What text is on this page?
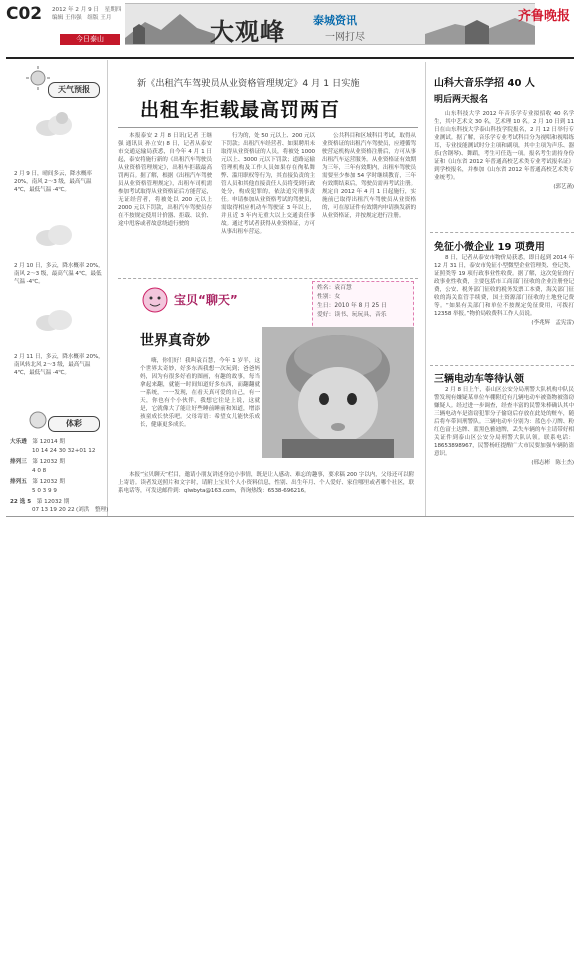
C02 2012 年 2 月 9 日　星期四
编辑 王伟强　组版 王月
今日泰山	大观峰	泰城资讯
一网打尽
齐鲁晚报
天气预报
2 月 9 日，晴间多云，降水概率 20%，南风 2～3 级，最高气温 4℃，最低气温 -4℃。
2 月 10 日，多云，降水概率 20%，南风 2～3 级，最高气温 4℃，最低气温 -4℃。
2 月 11 日，多云，降水概率 20%，南风转北风 2～3 级，最高气温 4℃，最低气温 -4℃。
体彩
大乐透　 第 12014 期
10 14 24 30 32+01 12
排列三　 第 12032 期
4 0 8
排列五　 第 12032 期
5 0 3 9 9
22 选 5　 第 12032 期
07 13 19 20 22 (刘洪　整理)
新《出租汽车驾驶员从业资格管理规定》4 月 1 日实施
出租车拒载最高罚两百

本报泰安 2 月 8 日讯(记者 王继强 通讯员 孙立安) 8 日，记者从泰安市交通运输局获悉，自今年 4 月 1 日起，泰安将施行新的《出租汽车驾驶员从业资格管理规定》，出租车拒载最高罚两百。据了解，根据《出租汽车驾驶员从业资格管理规定》，出租车司机需参加考试取得从业资格证后方能营运，无证经营者，将被处以 200 元以上 2000 元以下罚款，出租汽车驾驶员存在不按规定使用计价器、拒载、议价、途中甩客或者故意绕道行驶的

行为的，处 50 元以上、200 元以下罚款；出租汽车经营者、如果聘用未取得从业资格证的人员，将被处 1000 元以上、3000 元以下罚款；道路运输管理机构及工作人员如果存在徇私舞弊、滥用职权等行为，其直接负责的主管人员和其他直接责任人员将受到行政处分，构成犯罪的，依法追究刑事责任。申请参加从业资格考试的驾驶员，需取得相应机动车驾驶证 3 年以上，并且近 3 年内无重大以上交通责任事故。通过考试者获得从业资格证，方可从事出租车营运。

公共科目和区域科目考试，取得从业资格证的出租汽车驾驶员，应遵循驾驶营运机构从业资格注册后，方可从事出租汽车运营服务。从业资格证有效期为三年，三年有效期内，出租车驾驶员需要至少参加 54 学时继续教育，三年有效期结束后，驾驶员需再考试注册。规定自 2012 年 4 月 1 日起施行，实施前已取得出租汽车驾驶员从业资格的，可在原证件有效期内申请换发新的从业资格证，并按规定进行注册。

宝贝“聊天”
姓名：袁百慧
性别：女
生日：2010 年 8 月 25 日
爱好：读书、玩玩具、音乐
世界真奇妙

嗨，你们好！我叫袁百慧，今年 1 岁半，这个世界太奇妙，好多东西我想一次玩到；爸爸妈妈，因为有很多好看的图画，有趣的故事，每当拿起来翻，就能一时间知道好多东西，而翻翻就一系统，一一发现，在看天真可爱的自己，有一天，你也有个小伙伴，我想它往是上说，这就是，它就像大了能让好些睡前睡前和知道，增添孩童成长快乐吧。父母寄语：希望女儿能快乐成长，健康更多成长。

本报“宝贝聊天”栏目，邀请小朋友讲述身边小事情，既是让人感动、难忘的趣事，要求稿 200 字以内，父母还可以附上寄语。读者发送照片和文字时，请附上宝贝个人小资料信息，性别、出生年月、个人爱好、家住哪里或者哪个社区，联系电话等，可发送邮件到：qlwbyta@163.com，咨询热线：6538-696216。

山科大音乐学招 40 人
明后两天报名

山东科技大学 2012 年音乐学专业拟招收 40 名学生，其中艺术文 30 名，艺术理 10 名。2 月 10 日到 11 日在山东科技大学泰山科技学院报名，2 月 12 日举行专业测试。据了解，音乐学专业考试科目分为视唱和视唱练耳，专业技能测试时分主项和副项，其中主项为声乐、器乐(含钢琴)、舞蹈，考生可任选一项。报名考生需持身份证和《山东省 2012 年普通高校艺术类专业考试报名证》到学校报名，并参加《山东省 2012 年普通高校艺术类专业统考》。

(郭艺菡)
免征小微企业 19 项费用

8 日，记者从泰安市物价局获悉，即日起到 2014 年 12 月 31 日，泰安市免征小型微型企业管理类、登记类、证照类等 19 项行政事业性收费。据了解，这次免征的行政事业性收费，主要包括市工商部门征收的企业注册登记费，公安、税务部门征收的税务发票工本费，海关部门征收的海关监管手续费，国土资源部门征收的土地登记费等。“如果有关部门和单位不按规定免征费用，可拨打 12358 举报。”物价局收费科工作人员说。

(李兆辉　孟宪雷)
三辆电动车等待认领

2 月 8 日上午，泰山区公安分局刑警大队机构中队民警发现有嫌疑某单位车棚附近有几辆电动车被盗物被盗窃嫌疑人。经过进一步调查，经查丰富的民警朱棒确认其中三辆电动车是盗窃犯罪分子偷窃后存放在此处的赃车，随后将车带回刑警队。三辆电动车分别为：蓝色小刀牌、粉红色富士达牌、蓝黑色雅迪牌，丢失车辆的车主请带好相关证件到泰山区公安分局刑警大队认领。联系电话：18653898967，民警杨旺提醒广大市民要加强车辆防盗意识。

(邢志彬　陈士杰)
